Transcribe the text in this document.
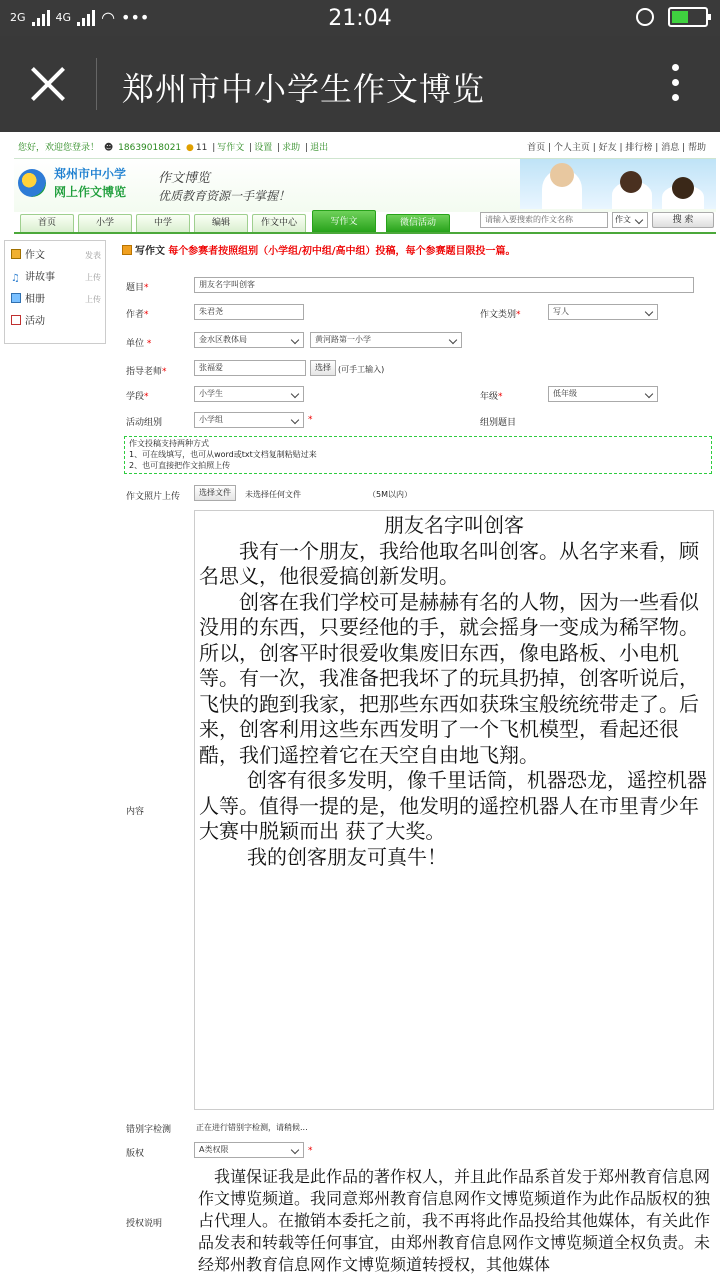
2G	4G ◠ •••	21:04
郑州市中小学生作文博览
您好，欢迎您登录！ ☻ 18639018021 ● 11 | 写作文 | 设置 | 求助 | 退出	首页 | 个人主页 | 好友 | 排行榜 | 消息 | 帮助
郑州市中小学
网上作文博览
作文博览
优质教育资源一手掌握！
首页	小学	中学	编辑	作文中心	写作文	微信活动	请输入要搜索的作文名称	作文	搜 索
作文	发表
♫ 讲故事	上传
相册	上传
活动
写作文 每个参赛者按照组别（小学组/初中组/高中组）投稿，每个参赛题目限投一篇。
题目*	朋友名字叫创客
作者*	朱君尧	作文类别*	写人
单位 *	金水区教体局	黄河路第一小学
指导老师*	张福爱	选择 (可手工输入)
学段*	小学生	年级*	低年级
活动组别	小学组	*	组别题目
作文投稿支持两种方式
1、可在线填写，也可从word或txt文档复制粘贴过来
2、也可直接把作文拍照上传
作文照片上传	选择文件	未选择任何文件	（5M以内）
内容

朋友名字叫创客

我有一个朋友，我给他取名叫创客。从名字来看，顾名思义，他很爱搞创新发明。

创客在我们学校可是赫赫有名的人物，因为一些看似没用的东西，只要经他的手，就会摇身一变成为稀罕物。所以，创客平时很爱收集废旧东西，像电路板、小电机等。有一次，我准备把我坏了的玩具扔掉，创客听说后，飞快的跑到我家，把那些东西如获珠宝般统统带走了。后来，创客利用这些东西发明了一个飞机模型，看起还很酷，我们遥控着它在天空自由地飞翔。

创客有很多发明，像千里话筒，机器恐龙，遥控机器人等。值得一提的是，他发明的遥控机器人在市里青少年大赛中脱颖而出 获了大奖。

我的创客朋友可真牛！

错别字检测	正在进行错别字检测，请稍候...
版权	A类权限	*
授权说明

我谨保证我是此作品的著作权人，并且此作品系首发于郑州教育信息网作文博览频道。我同意郑州教育信息网作文博览频道作为此作品版权的独占代理人。在撤销本委托之前，我不再将此作品投给其他媒体，有关此作品发表和转载等任何事宜，由郑州教育信息网作文博览频道全权负责。未经郑州教育信息网作文博览频道转授权，其他媒体
